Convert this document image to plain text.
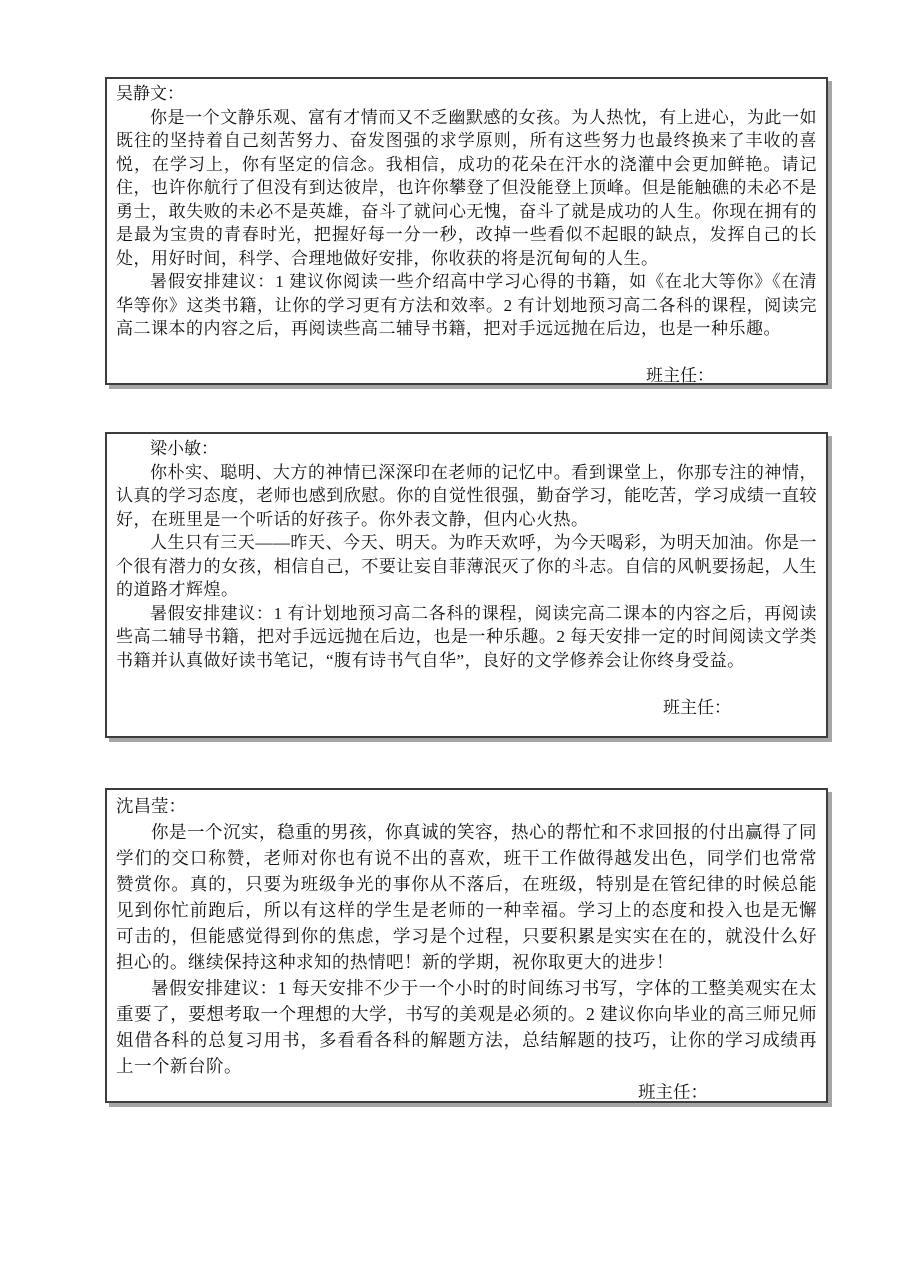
吴静文：

你是一个文静乐观、富有才情而又不乏幽默感的女孩。为人热忱，有上进心，为此一如既往的坚持着自己刻苦努力、奋发图强的求学原则，所有这些努力也最终换来了丰收的喜悦，在学习上，你有坚定的信念。我相信，成功的花朵在汗水的浇灌中会更加鲜艳。请记住，也许你航行了但没有到达彼岸，也许你攀登了但没能登上顶峰。但是能触礁的未必不是勇士，敢失败的未必不是英雄，奋斗了就问心无愧，奋斗了就是成功的人生。你现在拥有的是最为宝贵的青春时光，把握好每一分一秒，改掉一些看似不起眼的缺点，发挥自己的长处，用好时间，科学、合理地做好安排，你收获的将是沉甸甸的人生。

暑假安排建议：1 建议你阅读一些介绍高中学习心得的书籍，如《在北大等你》《在清华等你》这类书籍，让你的学习更有方法和效率。2 有计划地预习高二各科的课程，阅读完高二课本的内容之后，再阅读些高二辅导书籍，把对手远远抛在后边，也是一种乐趣。

班主任：
梁小敏：

你朴实、聪明、大方的神情已深深印在老师的记忆中。看到课堂上，你那专注的神情，认真的学习态度，老师也感到欣慰。你的自觉性很强，勤奋学习，能吃苦，学习成绩一直较好，在班里是一个听话的好孩子。你外表文静，但内心火热。

人生只有三天——昨天、今天、明天。为昨天欢呼，为今天喝彩，为明天加油。你是一个很有潜力的女孩，相信自己，不要让妄自菲薄泯灭了你的斗志。自信的风帆要扬起，人生的道路才辉煌。

暑假安排建议：1 有计划地预习高二各科的课程，阅读完高二课本的内容之后，再阅读些高二辅导书籍，把对手远远抛在后边，也是一种乐趣。2 每天安排一定的时间阅读文学类书籍并认真做好读书笔记，“腹有诗书气自华”，良好的文学修养会让你终身受益。

班主任：
沈昌莹：

你是一个沉实，稳重的男孩，你真诚的笑容，热心的帮忙和不求回报的付出赢得了同学们的交口称赞，老师对你也有说不出的喜欢，班干工作做得越发出色，同学们也常常赞赏你。真的，只要为班级争光的事你从不落后，在班级，特别是在管纪律的时候总能见到你忙前跑后，所以有这样的学生是老师的一种幸福。学习上的态度和投入也是无懈可击的，但能感觉得到你的焦虑，学习是个过程，只要积累是实实在在的，就没什么好担心的。继续保持这种求知的热情吧！新的学期，祝你取更大的进步！

暑假安排建议：1 每天安排不少于一个小时的时间练习书写，字体的工整美观实在太重要了，要想考取一个理想的大学，书写的美观是必须的。2 建议你向毕业的高三师兄师姐借各科的总复习用书，多看看各科的解题方法，总结解题的技巧，让你的学习成绩再上一个新台阶。

班主任：
